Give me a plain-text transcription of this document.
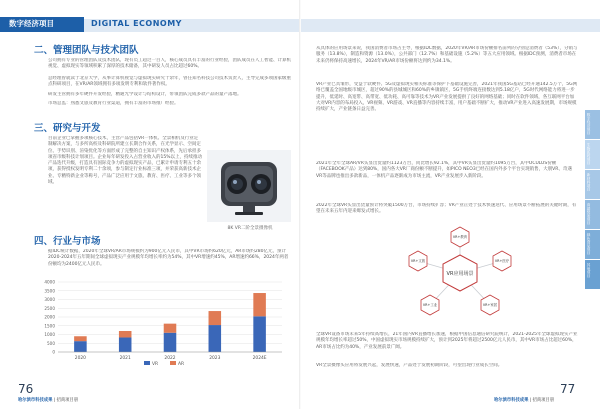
数字经济项目	DIGITAL ECONOMY
二、管理团队与技术团队
公司拥有专业的管理团队及技术团队，现有员工超过一百人，核心成员具有丰富的行业经验，团队成员在人工智能、计算机视觉、虚拟现实等领域积累了深厚的技术储备，其中研发人员占比超过60%。
总经理曾就读于北京大学，从事计算机视觉与虚拟现实研究十余年，曾任知名科技公司技术负责人，主导完成多项国家级重点科研项目，在VR/AR领域拥有多项发明专利和软件著作权。
研发主管拥有多年硬件开发经验，精通光学设计与结构设计，带领团队完成多款产品的量产落地。
市场总监：熟悉文旅及教育行业渠道，拥有丰富的市场推广经验。
三、研究与开发
目前企业已掌握多项核心技术，主营产品包括VR一体机、全景相机及行业定制解决方案，与多所高校及科研院所建立长期合作关系，在光学显示、空间定位、手势识别、渲染优化等方面形成了完整的自主知识产权体系，先后承担多项省市级科技计划项目。企业每年研发投入占营业收入的15%以上，持续推动产品迭代升级，打造具有国际竞争力的虚拟现实产品，已累计申请专利五十余项，获得授权发明专利二十余项，参与制定行业标准三项，并荣获高新技术企业、专精特新企业等称号，产品广泛应用于文旅、教育、医疗、工业等多个领域。
8K VR二阶全景摄像机
四、行业与市场
据IDC统计数据，2020年全球VR/AR市场规模约为900亿元人民币，其中VR市场约620亿元，AR市场约280亿元，预计2020-2024年五年期间全球虚拟现实产业规模年均增长率约为54%，其中VR增速约45%，AR增速约66%，2024年两者份额均为2400亿元人民币。
0
500
1000
1500
2000
2500
3000
3500
4000
2020	2021	2022	2023	2024E
VR	AR
76
哈尔滨市科技成果 | 招商项目册
从具体的应用场景来说，我国消费者市场占主导，根据IDC数据，2020年VR/AR市场份额排名前列的分别是消费者（53%），分销与服务（13.8%），制造和资源（13.0%），公共部门（12.7%）和基础设施（5.2%）等五大应用领域。根据IDC预测，消费者市场在未来仍将保持高速增长，2024年VR/AR市场份额将达到约为34.1%。
VR产业已具雏形，受益于软硬件、5G及虚拟现实相关标准等保护下基础设施完善，2021年我国5G基站已经开通142.5万个，5G网络已覆盖全国地级市城区，超过90%的县城城区和60%的乡镇镇区，5G手机终端连接数达到5.18亿户，5G时代网络能力将进一步提升，低延时、高宽带、高带宽、低功耗、高可靠等技术为VR产业发展提供了良好的网络基础；同时在软件领域，各互联网平台加大对VR内容的布局投入，VR视频、VR游戏、VR直播等内容持续丰富，用户基础不断扩大，推动VR产业进入高速发展期，市场规模持续扩大，产业链条日益完善。
2021年全年全球AR/VR头显出货量约1123万台，同比增长92.1%，其中VR头显出货量约1095万台，其中OCULUS份额（FACEBOOK产品）达到80%，国内各大VR厂商份额不断提升，如PICO NEO3已经在国内外多个平台实现销售，大朋VR、奇遇VR等品牌也推出多款新品，一体机产品逐渐成为市场主流，VR产业发展步入新阶段。
2022年全球VR头显出货量预计将突破1500万台，市场持续扩容；VR产业正处于技术快速迭代、应用场景不断拓展的关键时期，有望在未来五年内迎来爆发式增长。
VR应用场景
VR+教育
VR+文旅	VR+医疗
VR+工业	VR+家居
全球VR设备市场未来5年持续高增长，21年国内VR直播增长加速，根据中国信息通信研究院统计，2021-2025年全球虚拟现实产业规模年均增长率超过50%，中国虚拟现实市场规模持续扩大，预计到2025年将超过2500亿元人民币，其中VR市场占比超过60%，AR市场占比约为40%，产业发展前景广阔。
VR全景摄像头应用将发展兴起，发展快速，产品处于发展初期阶段，可望出现行业成长空间。
77
哈尔滨市科技成果 | 招商项目册
数字经济项目
生物医药项目
新材料项目
高端装备项目
绿色食品项目
其他项目
